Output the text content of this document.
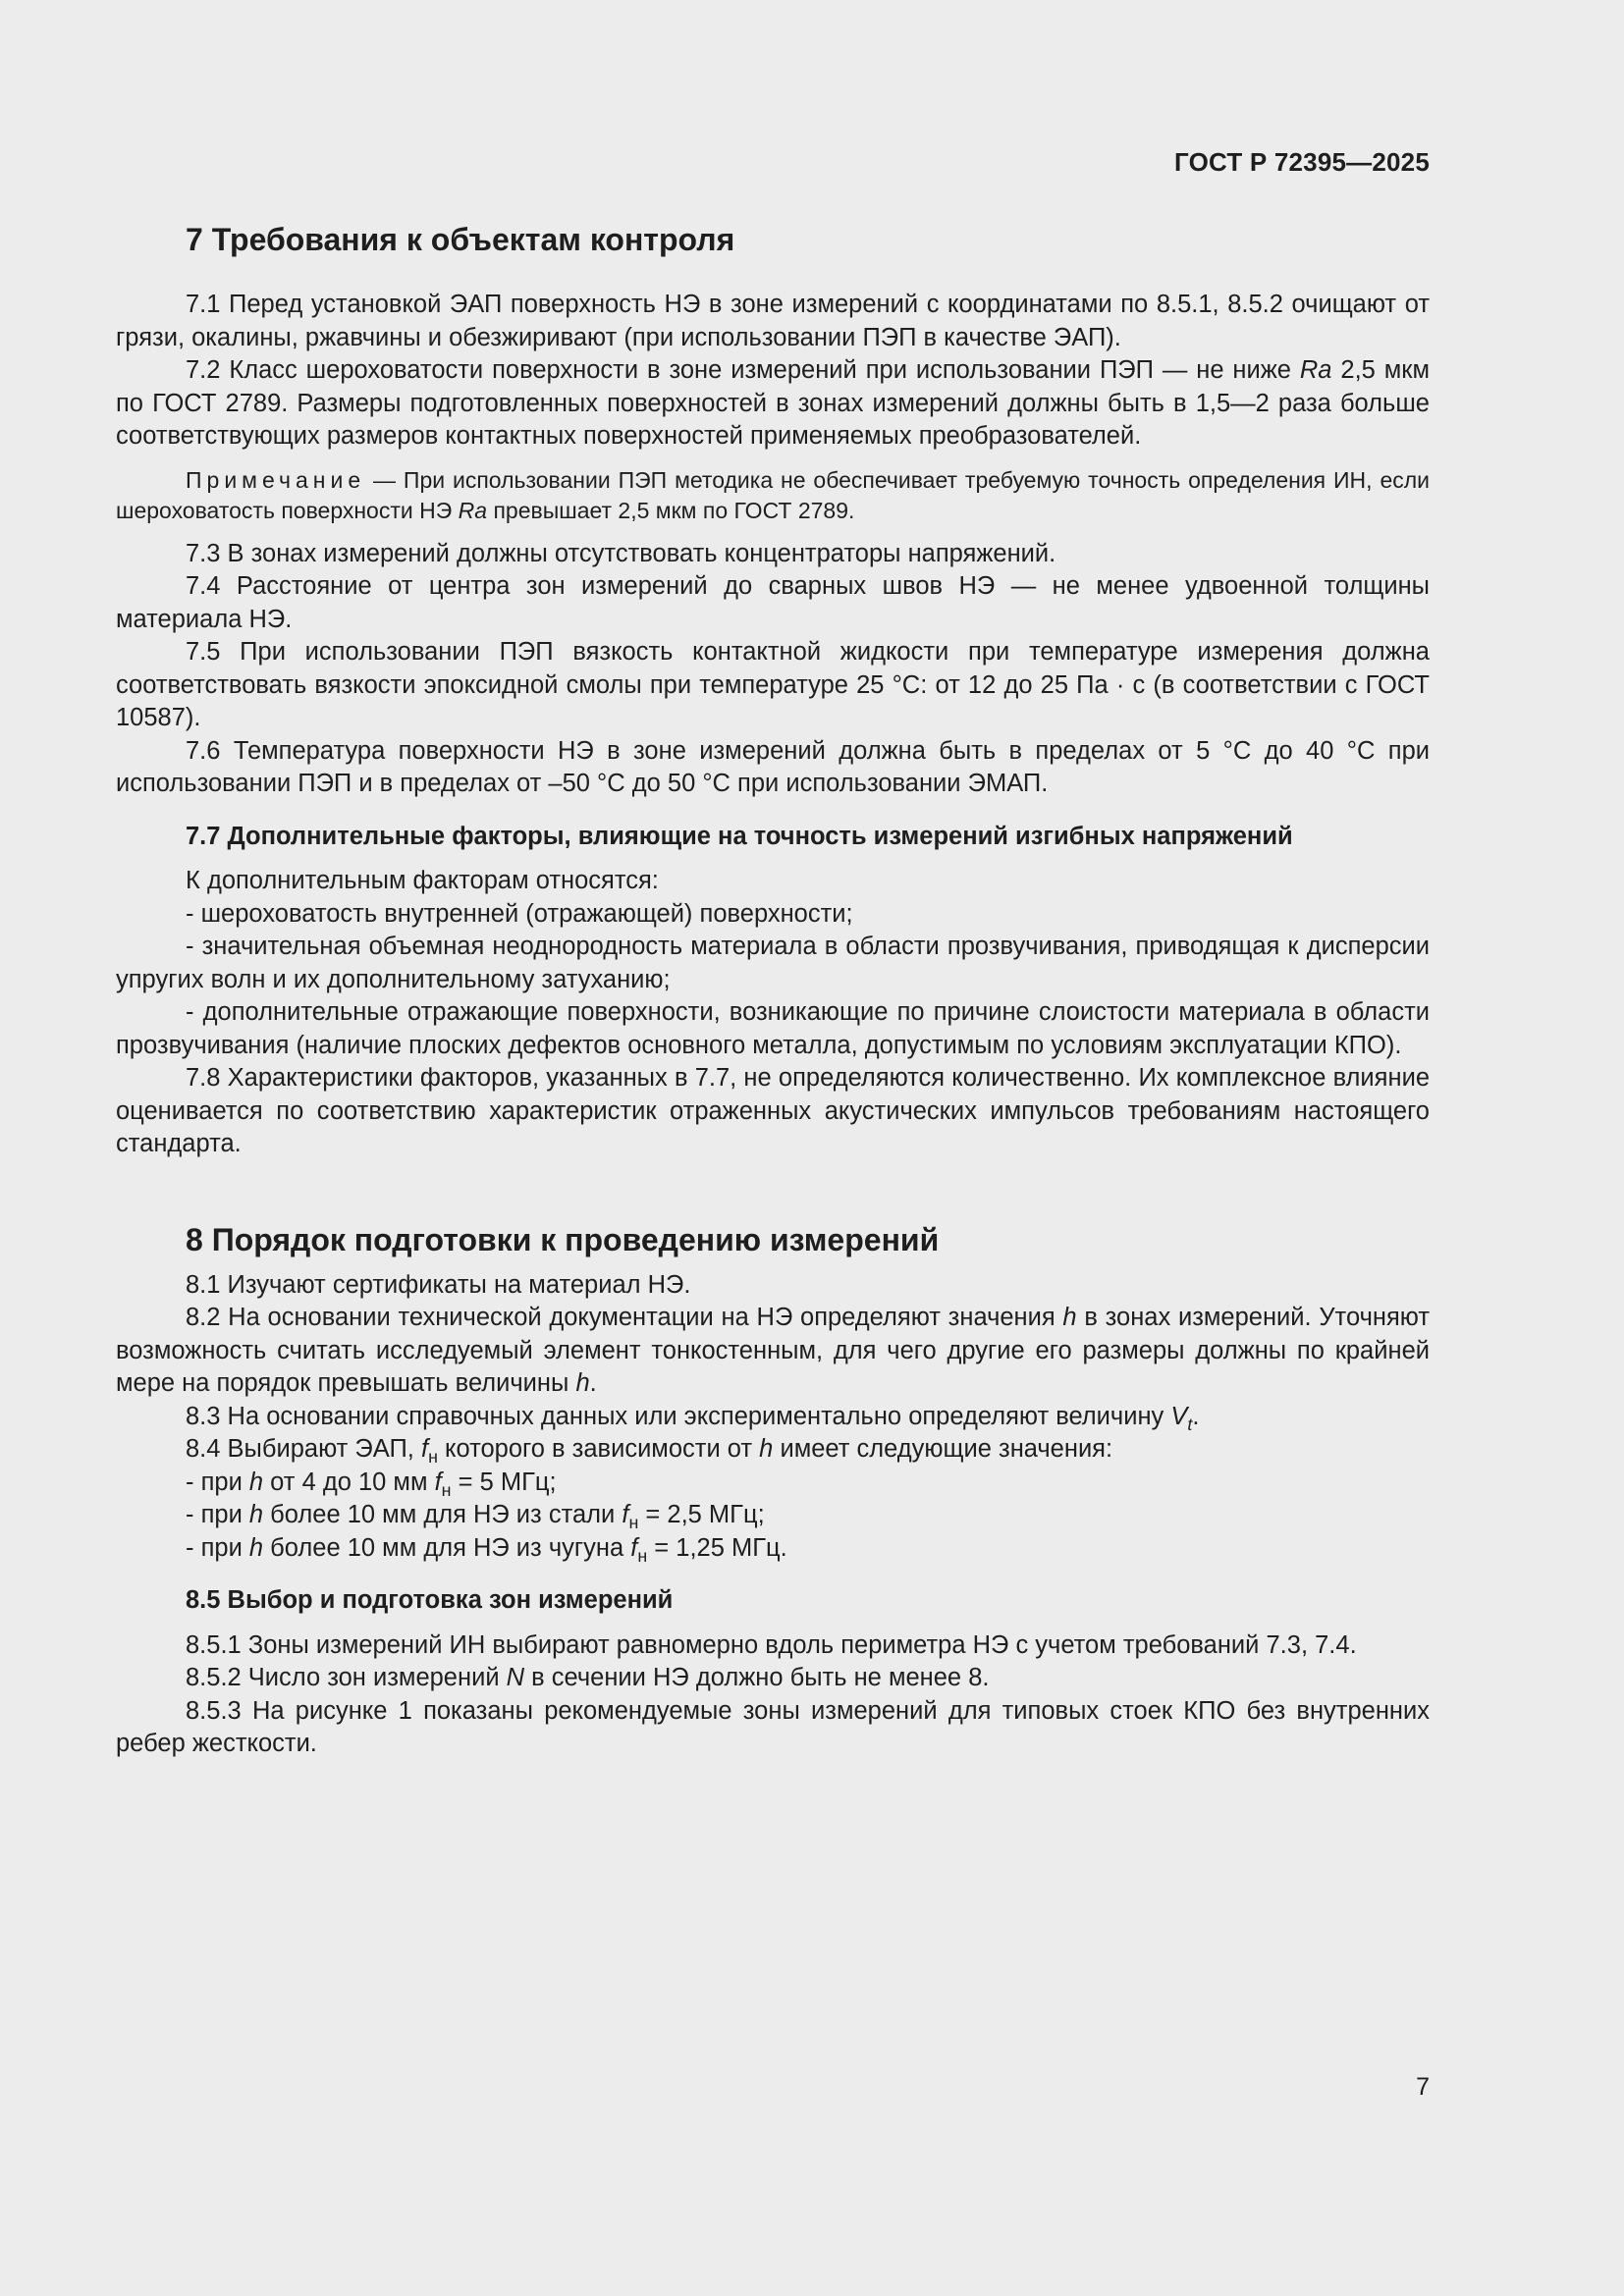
ГОСТ Р 72395—2025
7 Требования к объектам контроля

7.1 Перед установкой ЭАП поверхность НЭ в зоне измерений с координатами по 8.5.1, 8.5.2 очищают от грязи, окалины, ржавчины и обезжиривают (при использовании ПЭП в качестве ЭАП).

7.2 Класс шероховатости поверхности в зоне измерений при использовании ПЭП — не ниже Ra 2,5 мкм по ГОСТ 2789. Размеры подготовленных поверхностей в зонах измерений должны быть в 1,5—2 раза больше соответствующих размеров контактных поверхностей применяемых преобразователей.

Примечание — При использовании ПЭП методика не обеспечивает требуемую точность определения ИН, если шероховатость поверхности НЭ Ra превышает 2,5 мкм по ГОСТ 2789.

7.3 В зонах измерений должны отсутствовать концентраторы напряжений.

7.4 Расстояние от центра зон измерений до сварных швов НЭ — не менее удвоенной толщины материала НЭ.

7.5 При использовании ПЭП вязкость контактной жидкости при температуре измерения должна соответствовать вязкости эпоксидной смолы при температуре 25 °С: от 12 до 25 Па · с (в соответствии с ГОСТ 10587).

7.6 Температура поверхности НЭ в зоне измерений должна быть в пределах от 5 °С до 40 °С при использовании ПЭП и в пределах от –50 °С до 50 °С при использовании ЭМАП.

7.7 Дополнительные факторы, влияющие на точность измерений изгибных напряжений

К дополнительным факторам относятся:

- шероховатость внутренней (отражающей) поверхности;

- значительная объемная неоднородность материала в области прозвучивания, приводящая к дисперсии упругих волн и их дополнительному затуханию;

- дополнительные отражающие поверхности, возникающие по причине слоистости материала в области прозвучивания (наличие плоских дефектов основного металла, допустимым по условиям эксплуатации КПО).

7.8 Характеристики факторов, указанных в 7.7, не определяются количественно. Их комплексное влияние оценивается по соответствию характеристик отраженных акустических импульсов требованиям настоящего стандарта.

8 Порядок подготовки к проведению измерений

8.1 Изучают сертификаты на материал НЭ.

8.2 На основании технической документации на НЭ определяют значения h в зонах измерений. Уточняют возможность считать исследуемый элемент тонкостенным, для чего другие его размеры должны по крайней мере на порядок превышать величины h.

8.3 На основании справочных данных или экспериментально определяют величину $V_t$.

8.4 Выбирают ЭАП, $f_н$ которого в зависимости от h имеет следующие значения:

- при h от 4 до 10 мм $f_н = 5$ МГц;

- при h более 10 мм для НЭ из стали $f_н = 2,5$ МГц;

- при h более 10 мм для НЭ из чугуна $f_н = 1,25$ МГц.

8.5 Выбор и подготовка зон измерений

8.5.1 Зоны измерений ИН выбирают равномерно вдоль периметра НЭ с учетом требований 7.3, 7.4.

8.5.2 Число зон измерений N в сечении НЭ должно быть не менее 8.

8.5.3 На рисунке 1 показаны рекомендуемые зоны измерений для типовых стоек КПО без внутренних ребер жесткости.

7
